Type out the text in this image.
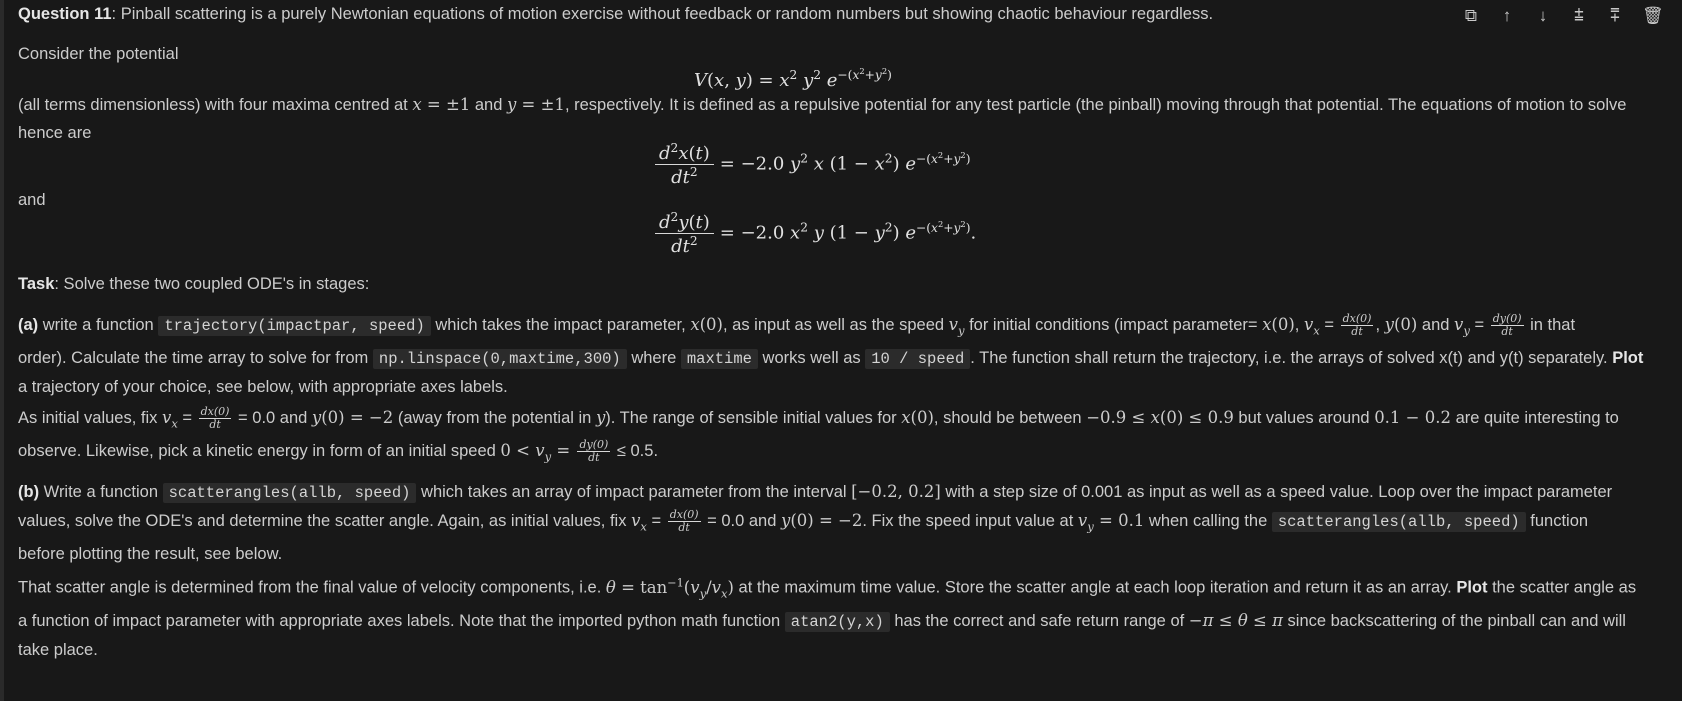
⧉ ↑ ↓ ⩲ ⩱ 🗑
Question 11: Pinball scattering is a purely Newtonian equations of motion exercise without feedback or random numbers but showing chaotic behaviour regardless.
Consider the potential
V(x, $y) = x^2$ $y^2$ $e^{-(x^2+y^2)}$
(all terms dimensionless) with four maxima centred at x = ±1 and y = ±1, respectively. It is defined as a repulsive potential for any test particle (the pinball) moving through that potential. The equations of motion to solve
hence are
$\frac{d^2x(t)}{dt^2} = -2.0$ $y^2$ x $(1 - x^2)$ $e^{-(x^2+y^2)}$
and
$\frac{d^2y(t)}{dt^2} = -2.0$ $x^2$ y $(1 - y^2)$ $e^{-(x^2+y^2)}$.
Task: Solve these two coupled ODE's in stages:
(a) write a function trajectory(impactpar, speed) which takes the impact parameter, x(0), as input as well as the speed $v_y$ for initial conditions (impact parameter= x(0), $v_x = \frac{dx(0)}{dt}$ , y(0) and $v_y = \frac{dy(0)}{dt}$ in that
order). Calculate the time array to solve for from np.linspace(0,maxtime,300) where maxtime works well as 10 / speed . The function shall return the trajectory, i.e. the arrays of solved x(t) and y(t) separately. Plot
a trajectory of your choice, see below, with appropriate axes labels.
As initial values, fix $v_x = \frac{dx(0)}{dt} = 0.0$ and y(0) = −2 (away from the potential in y). The range of sensible initial values for x(0), should be between −0.9 ≤ x(0) ≤ 0.9 but values around 0.1 − 0.2 are quite interesting to
observe. Likewise, pick a kinetic energy in form of an initial speed $0 < v_y = \frac{dy(0)}{dt} \le 0.5$.
(b) Write a function scatterangles(allb, speed) which takes an array of impact parameter from the interval [−0.2, 0.2] with a step size of 0.001 as input as well as a speed value. Loop over the impact parameter
values, solve the ODE's and determine the scatter angle. Again, as initial values, fix $v_x = \frac{dx(0)}{dt} = 0.0$ and y(0) = −2. Fix the speed input value at $v_y = 0.1$ when calling the scatterangles(allb, speed) function
before plotting the result, see below.
That scatter angle is determined from the final value of velocity components, i.e. $\theta = \tan^{-1}(v_y/v_x)$ at the maximum time value. Store the scatter angle at each loop iteration and return it as an array. Plot the scatter angle as
a function of impact parameter with appropriate axes labels. Note that the imported python math function atan2(y,x) has the correct and safe return range of −π ≤ θ ≤ π since backscattering of the pinball can and will
take place.
